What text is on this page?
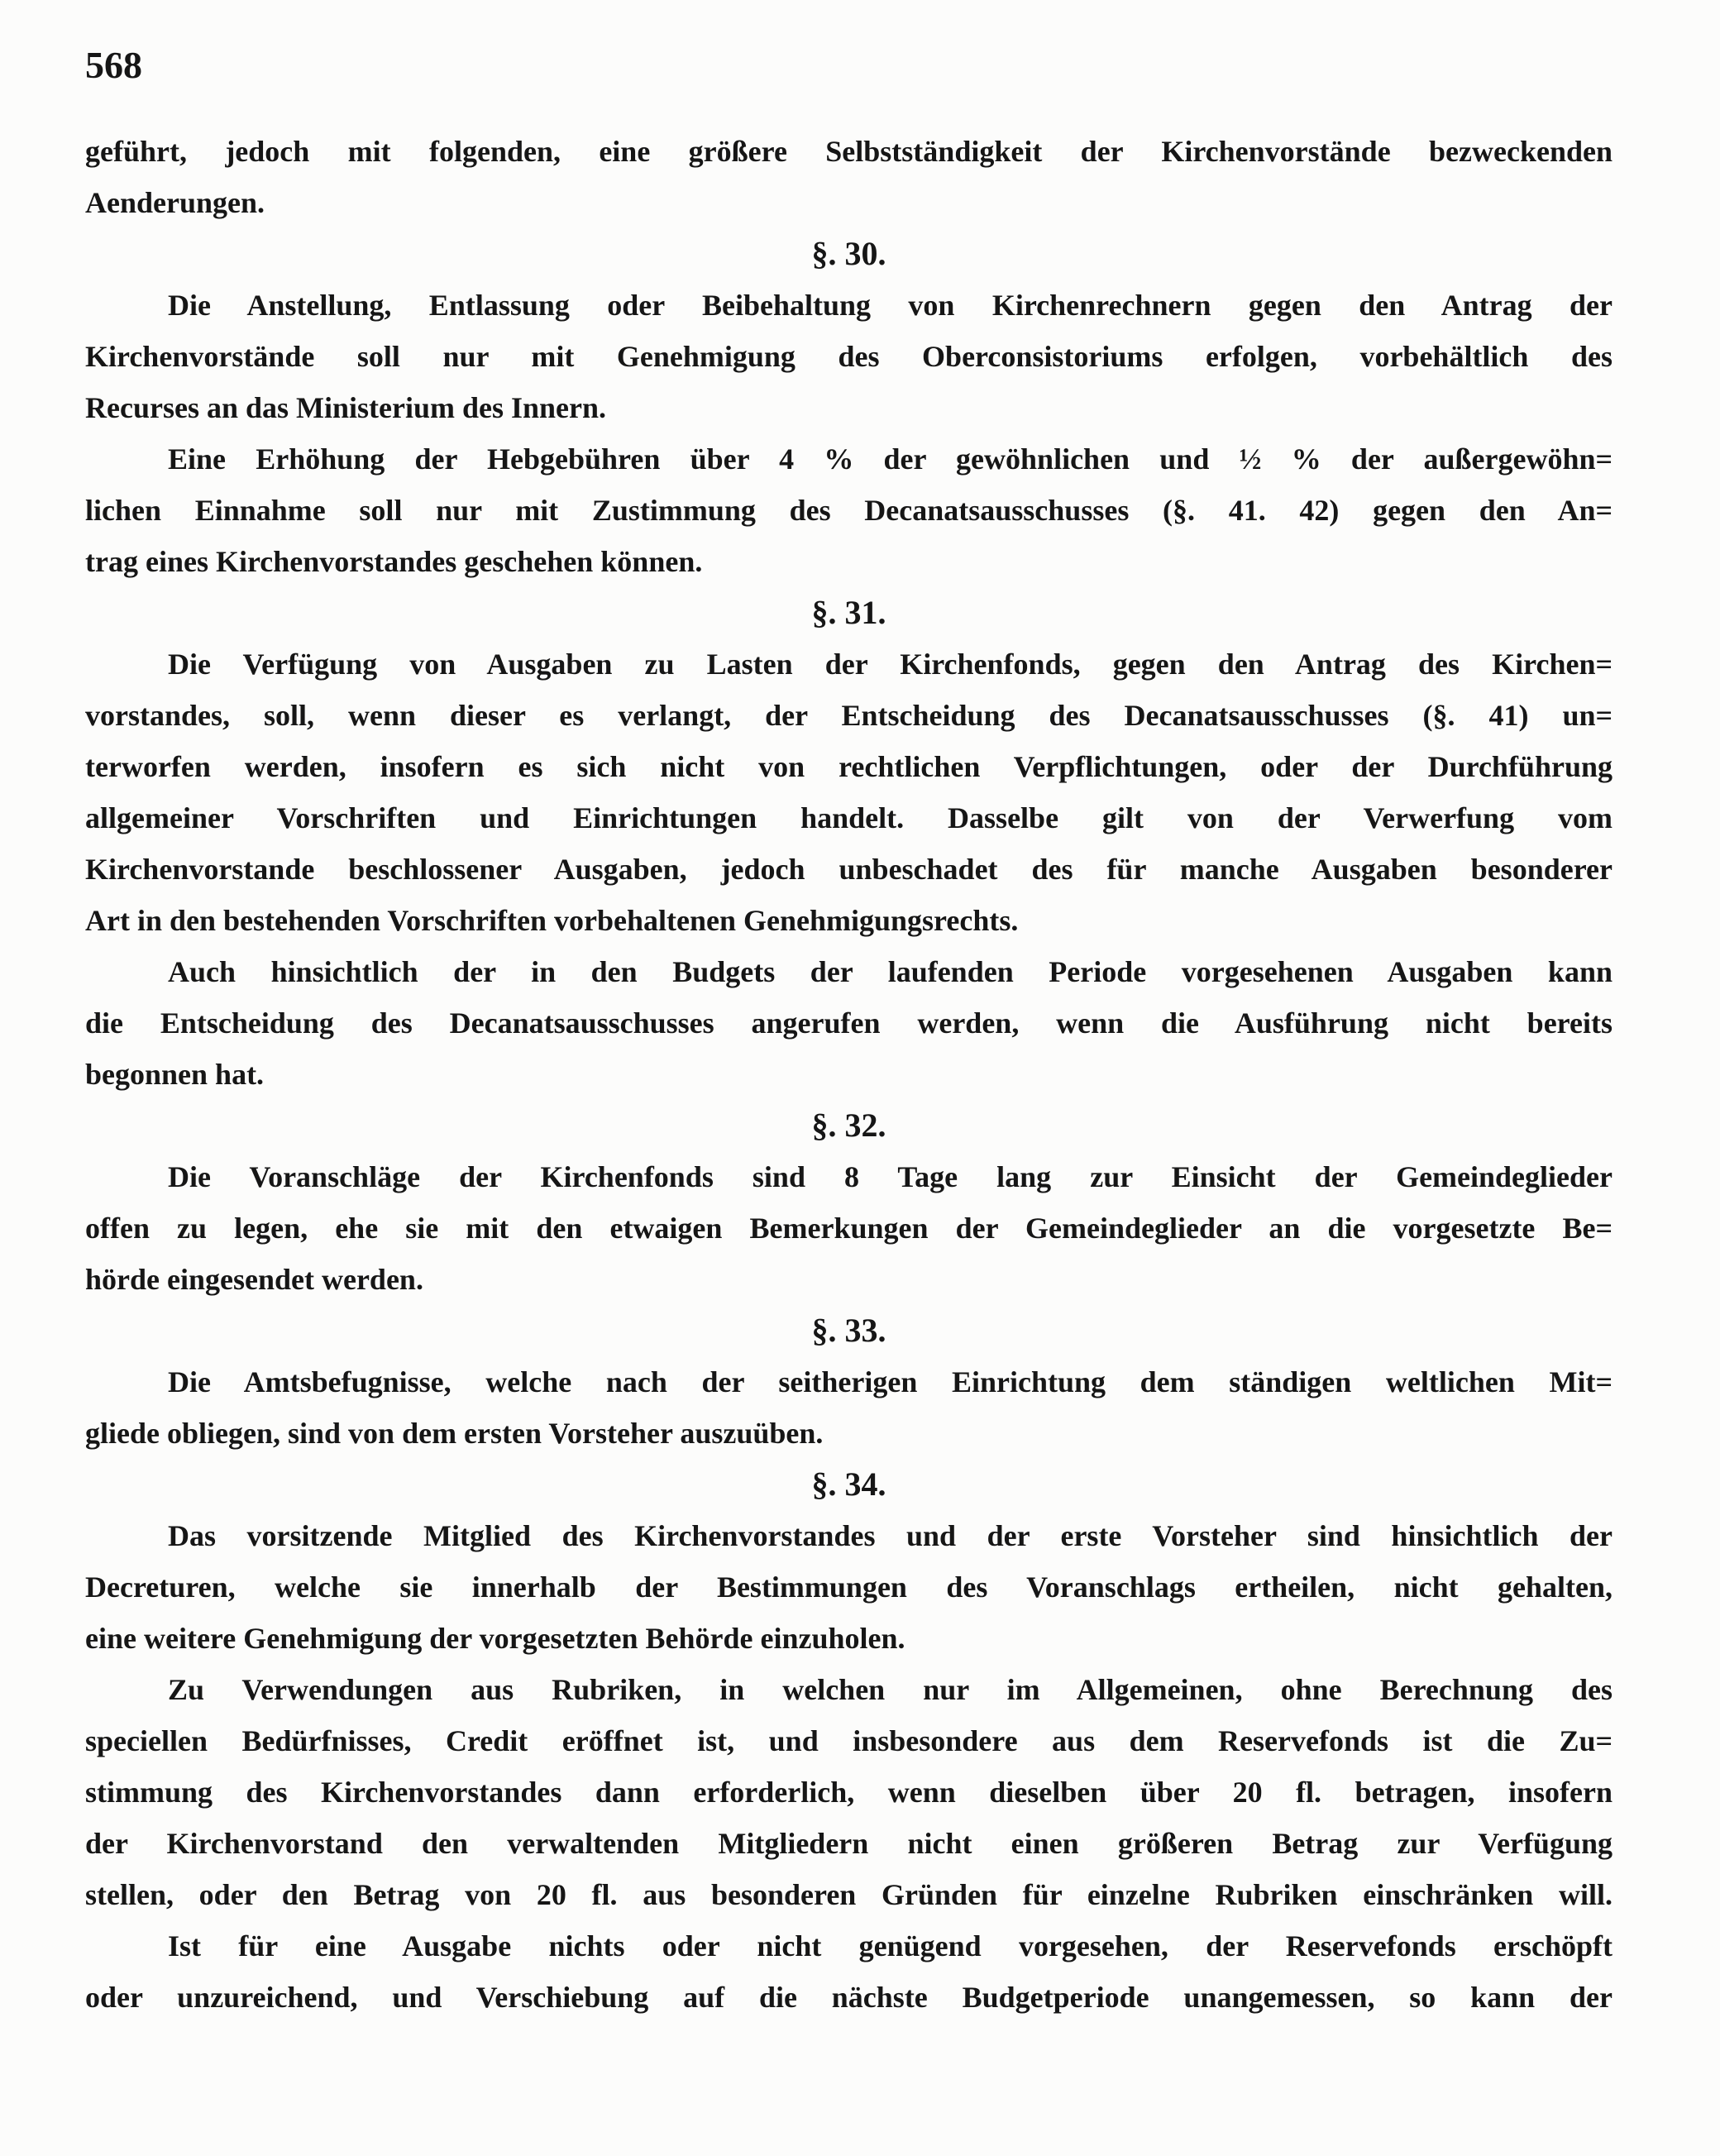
568
geführt, jedoch mit folgenden, eine größere Selbstständigkeit der Kirchenvorstände bezweckenden
Aenderungen.
§. 30.
Die Anstellung, Entlassung oder Beibehaltung von Kirchenrechnern gegen den Antrag der
Kirchenvorstände soll nur mit Genehmigung des Oberconsistoriums erfolgen, vorbehältlich des
Recurses an das Ministerium des Innern.
Eine Erhöhung der Hebgebühren über 4 % der gewöhnlichen und ½ % der außergewöhn=
lichen Einnahme soll nur mit Zustimmung des Decanatsausschusses (§. 41. 42) gegen den An=
trag eines Kirchenvorstandes geschehen können.
§. 31.
Die Verfügung von Ausgaben zu Lasten der Kirchenfonds, gegen den Antrag des Kirchen=
vorstandes, soll, wenn dieser es verlangt, der Entscheidung des Decanatsausschusses (§. 41) un=
terworfen werden, insofern es sich nicht von rechtlichen Verpflichtungen, oder der Durchführung
allgemeiner Vorschriften und Einrichtungen handelt. Dasselbe gilt von der Verwerfung vom
Kirchenvorstande beschlossener Ausgaben, jedoch unbeschadet des für manche Ausgaben besonderer
Art in den bestehenden Vorschriften vorbehaltenen Genehmigungsrechts.
Auch hinsichtlich der in den Budgets der laufenden Periode vorgesehenen Ausgaben kann
die Entscheidung des Decanatsausschusses angerufen werden, wenn die Ausführung nicht bereits
begonnen hat.
§. 32.
Die Voranschläge der Kirchenfonds sind 8 Tage lang zur Einsicht der Gemeindeglieder
offen zu legen, ehe sie mit den etwaigen Bemerkungen der Gemeindeglieder an die vorgesetzte Be=
hörde eingesendet werden.
§. 33.
Die Amtsbefugnisse, welche nach der seitherigen Einrichtung dem ständigen weltlichen Mit=
gliede obliegen, sind von dem ersten Vorsteher auszuüben.
§. 34.
Das vorsitzende Mitglied des Kirchenvorstandes und der erste Vorsteher sind hinsichtlich der
Decreturen, welche sie innerhalb der Bestimmungen des Voranschlags ertheilen, nicht gehalten,
eine weitere Genehmigung der vorgesetzten Behörde einzuholen.
Zu Verwendungen aus Rubriken, in welchen nur im Allgemeinen, ohne Berechnung des
speciellen Bedürfnisses, Credit eröffnet ist, und insbesondere aus dem Reservefonds ist die Zu=
stimmung des Kirchenvorstandes dann erforderlich, wenn dieselben über 20 fl. betragen, insofern
der Kirchenvorstand den verwaltenden Mitgliedern nicht einen größeren Betrag zur Verfügung
stellen, oder den Betrag von 20 fl. aus besonderen Gründen für einzelne Rubriken einschränken will.
Ist für eine Ausgabe nichts oder nicht genügend vorgesehen, der Reservefonds erschöpft
oder unzureichend, und Verschiebung auf die nächste Budgetperiode unangemessen, so kann der
